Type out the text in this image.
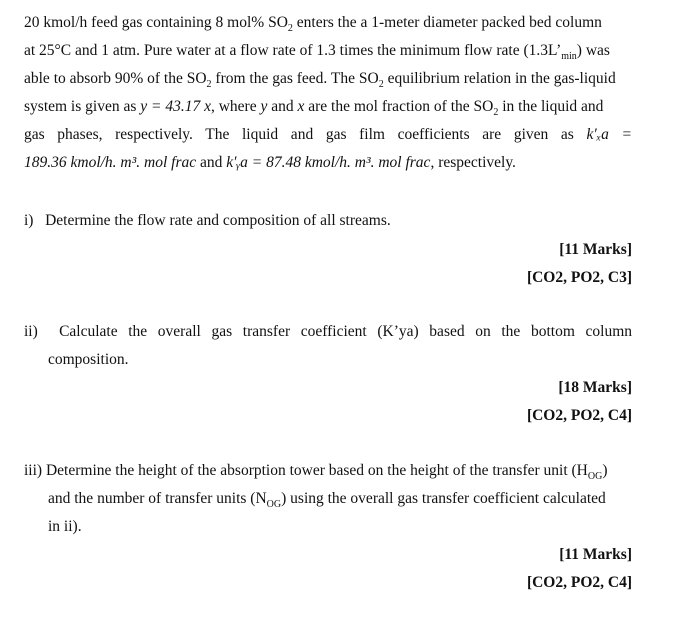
20 kmol/h feed gas containing 8 mol% $SO_2$ enters the a 1-meter diameter packed bed column
at 25°C and 1 atm. Pure water at a flow rate of 1.3 times the minimum flow rate $(1.3L’_{min})$ was
able to absorb 90% of the $SO_2$ from the gas feed. The $SO_2$ equilibrium relation in the gas-liquid
system is given as y = 43.17 x, where y and x are the mol fraction of the $SO_2$ in the liquid and
gas phases, respectively. The liquid and gas film coefficients are given as k′ₓa =
189.36 kmol/h. m³. mol frac and k′ᵧa = 87.48 kmol/h. m³. mol frac, respectively.
i) Determine the flow rate and composition of all streams.
[11 Marks]
[CO2, PO2, C3]
ii) Calculate the overall gas transfer coefficient (K’ya) based on the bottom column
composition.
[18 Marks]
[CO2, PO2, C4]
iii) Determine the height of the absorption tower based on the height of the transfer unit $(H_{OG})$
and the number of transfer units $(N_{OG})$ using the overall gas transfer coefficient calculated
in ii).
[11 Marks]
[CO2, PO2, C4]
